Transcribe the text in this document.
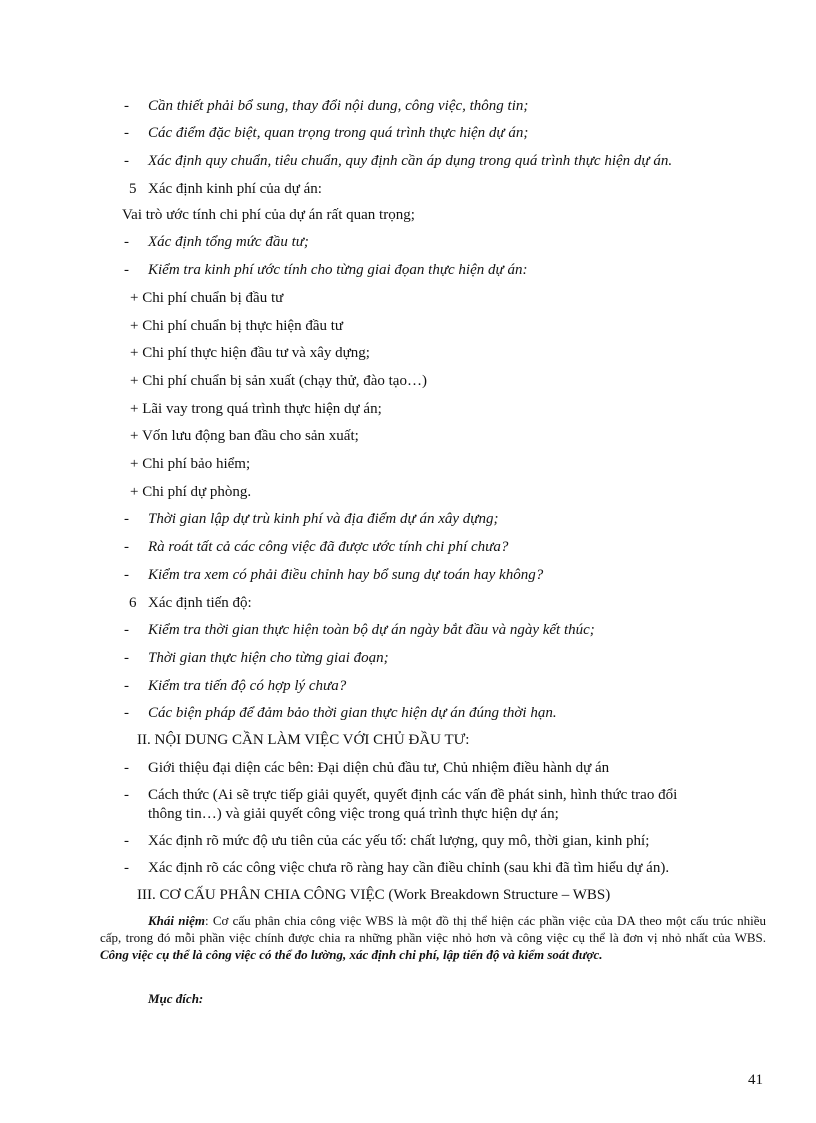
- Cần thiết phải bổ sung, thay đổi nội dung, công việc, thông tin;
- Các điểm đặc biệt, quan trọng trong quá trình thực hiện dự án;
- Xác định quy chuẩn, tiêu chuẩn, quy định cần áp dụng trong quá trình thực hiện dự án.
5 Xác định kinh phí của dự án:
Vai trò ước tính chi phí của dự án rất quan trọng;
- Xác định tổng mức đầu tư;
- Kiểm tra kinh phí ước tính cho từng giai đọan thực hiện dự án:
+ Chi phí chuẩn bị đầu tư
+ Chi phí chuẩn bị thực hiện đầu tư
+ Chi phí thực hiện đầu tư và xây dựng;
+ Chi phí chuẩn bị sản xuất (chạy thử, đào tạo…)
+ Lãi vay trong quá trình thực hiện dự án;
+ Vốn lưu động ban đầu cho sản xuất;
+ Chi phí bảo hiểm;
+ Chi phí dự phòng.
- Thời gian lập dự trù kinh phí và địa điểm dự án xây dựng;
- Rà roát tất cả các công việc đã được ước tính chi phí chưa?
- Kiểm tra xem có phải điều chỉnh hay bổ sung dự toán hay không?
6 Xác định tiến độ:
- Kiểm tra thời gian thực hiện toàn bộ dự án ngày bắt đầu và ngày kết thúc;
- Thời gian thực hiện cho từng giai đoạn;
- Kiểm tra tiến độ có hợp lý chưa?
- Các biện pháp để đảm bảo thời gian thực hiện dự án đúng thời hạn.
II. NỘI DUNG CẦN LÀM VIỆC VỚI CHỦ ĐẦU TƯ:
- Giới thiệu đại diện các bên: Đại diện chủ đầu tư, Chủ nhiệm điều hành dự án
- Cách thức (Ai sẽ trực tiếp giải quyết, quyết định các vấn đề phát sinh, hình thức trao đổi
thông tin…) và giải quyết công việc trong quá trình thực hiện dự án;
- Xác định rõ mức độ ưu tiên của các yếu tố: chất lượng, quy mô, thời gian, kinh phí;
- Xác định rõ các công việc chưa rõ ràng hay cần điều chỉnh (sau khi đã tìm hiểu dự án).
III. CƠ CẤU PHÂN CHIA CÔNG VIỆC (Work Breakdown Structure – WBS)
Khái niệm: Cơ cấu phân chia công việc WBS là một đồ thị thể hiện các phần việc của DA theo một cấu trúc nhiều cấp, trong đó mỗi phần việc chính được chia ra những phần việc nhỏ hơn và công việc cụ thể là đơn vị nhỏ nhất của WBS. Công việc cụ thể là công việc có thể đo lường, xác định chi phí, lập tiến độ và kiểm soát được.
Mục đích:
41
